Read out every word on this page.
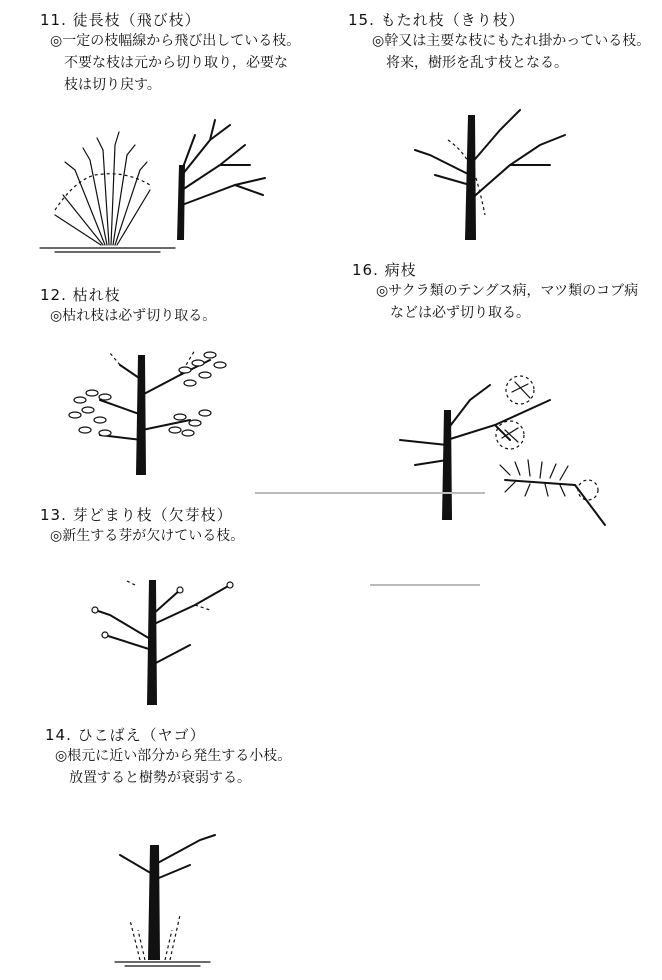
11. 徒長枝（飛び枝）
◎一定の枝幅線から飛び出している枝。
不要な枝は元から切り取り，必要な
枝は切り戻す。
12. 枯れ枝
◎枯れ枝は必ず切り取る。
13. 芽どまり枝（欠芽枝）
◎新生する芽が欠けている枝。
14. ひこばえ（ヤゴ）
◎根元に近い部分から発生する小枝。
放置すると樹勢が衰弱する。
15. もたれ枝（きり枝）
◎幹又は主要な枝にもたれ掛かっている枝。
将来，樹形を乱す枝となる。
16. 病枝
◎サクラ類のテングス病，マツ類のコブ病
などは必ず切り取る。
